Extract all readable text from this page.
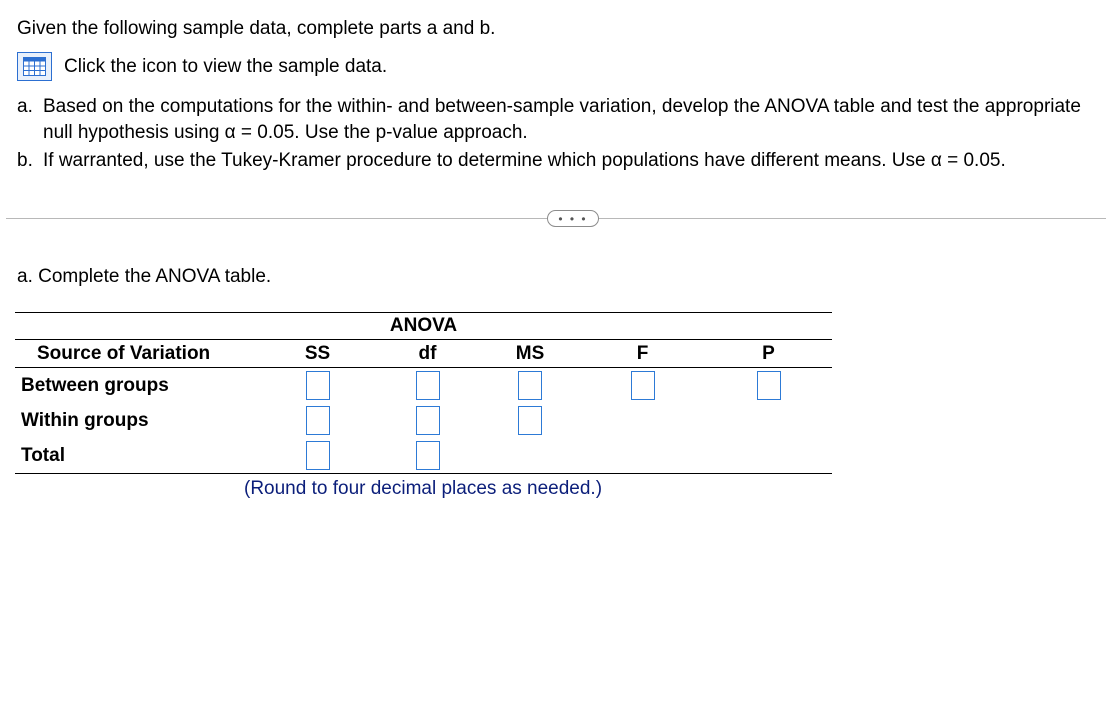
Given the following sample data, complete parts a and b.
Click the icon to view the sample data.
a. Based on the computations for the within- and between-sample variation, develop the ANOVA table and test the appropriate null hypothesis using α = 0.05. Use the p-value approach.
b. If warranted, use the Tukey-Kramer procedure to determine which populations have different means. Use α = 0.05.
• • •
a. Complete the ANOVA table.
ANOVA					
Source of Variation	SS	df	MS	F	P
Between groups					
Within groups					
Total					
(Round to four decimal places as needed.)
